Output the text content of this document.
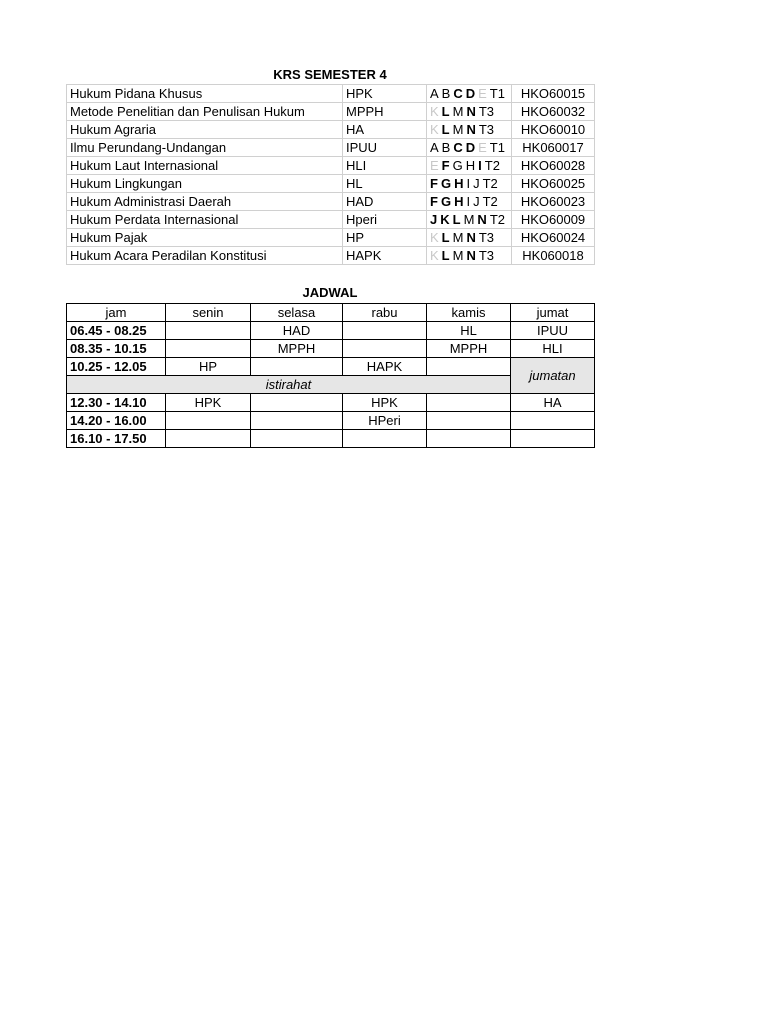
KRS SEMESTER 4
Hukum Pidana Khusus	HPK	A B C D E T1	HKO60015
Metode Penelitian dan Penulisan Hukum	MPPH	K L M N T3	HKO60032
Hukum Agraria	HA	K L M N T3	HKO60010
Ilmu Perundang-Undangan	IPUU	A B C D E T1	HK060017
Hukum Laut Internasional	HLI	E F G H I T2	HKO60028
Hukum Lingkungan	HL	F G H I J T2	HKO60025
Hukum Administrasi Daerah	HAD	F G H I J T2	HKO60023
Hukum Perdata Internasional	Hperi	J K L M N T2	HKO60009
Hukum Pajak	HP	K L M N T3	HKO60024
Hukum Acara Peradilan Konstitusi	HAPK	K L M N T3	HK060018
JADWAL
jam	senin	selasa	rabu	kamis	jumat
06.45 - 08.25		HAD		HL	IPUU
08.35 - 10.15		MPPH		MPPH	HLI
10.25 - 12.05	HP		HAPK		jumatan
istirahat					
12.30 - 14.10	HPK		HPK		HA
14.20 - 16.00			HPeri		
16.10 - 17.50					
